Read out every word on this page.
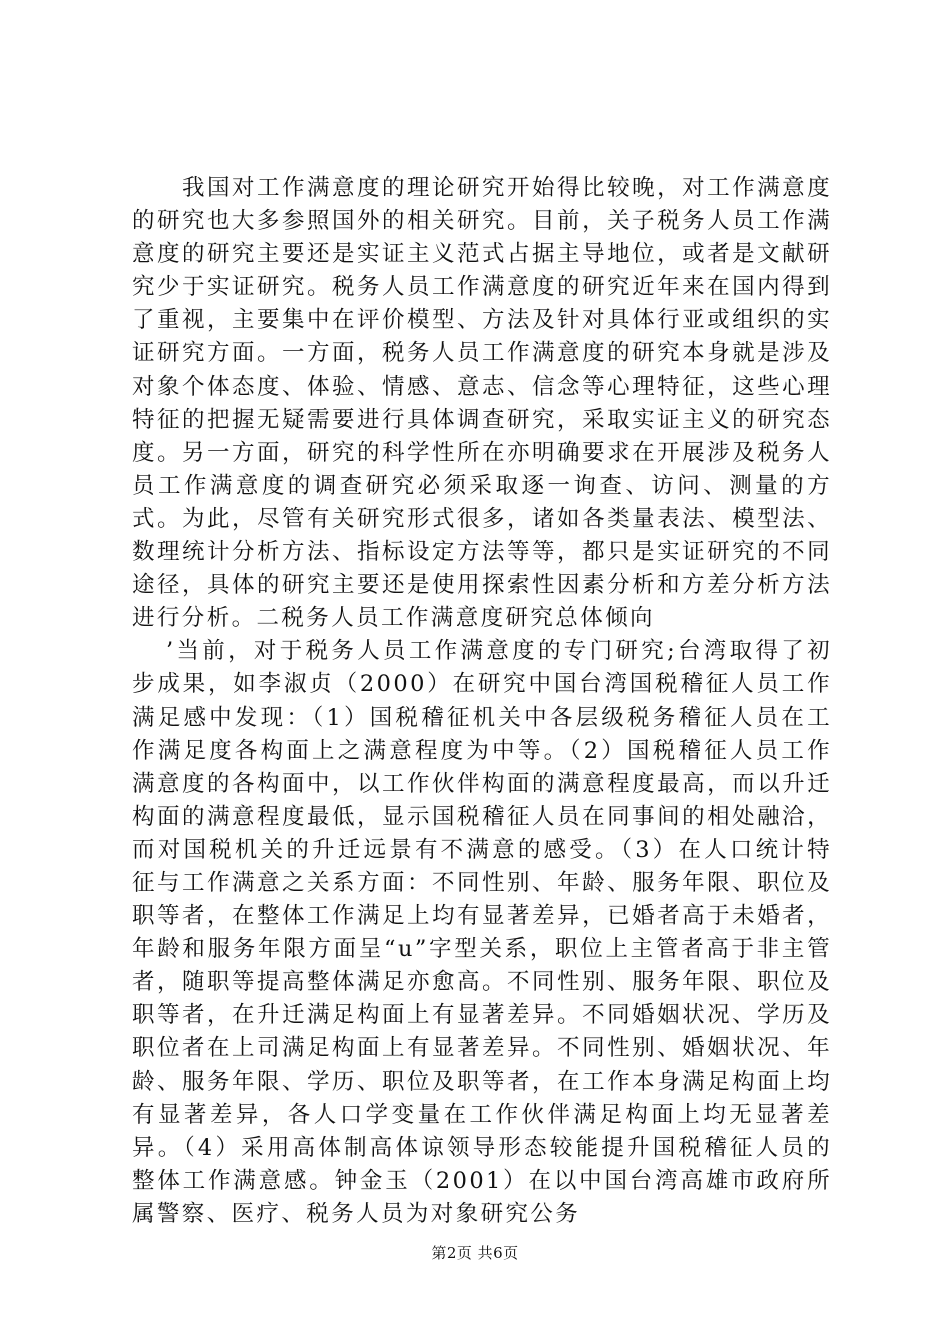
我国对工作满意度的理论研究开始得比较晚，对工作满意度的研究也大多参照国外的相关研究。目前，关子税务人员工作满意度的研究主要还是实证主义范式占据主导地位，或者是文献研究少于实证研究。税务人员工作满意度的研究近年来在国内得到了重视，主要集中在评价模型、方法及针对具体行亚或组织的实证研究方面。一方面，税务人员工作满意度的研究本身就是涉及对象个体态度、体验、情感、意志、信念等心理特征，这些心理特征的把握无疑需要进行具体调查研究，采取实证主义的研究态度。另一方面，研究的科学性所在亦明确要求在开展涉及税务人员工作满意度的调查研究必须采取逐一询查、访问、测量的方式。为此，尽管有关研究形式很多，诸如各类量表法、模型法、数理统计分析方法、指标设定方法等等，都只是实证研究的不同途径，具体的研究主要还是使用探索性因素分析和方差分析方法进行分析。二税务人员工作满意度研究总体倾向

’当前，对于税务人员工作满意度的专门研究;台湾取得了初步成果，如李淑贞（2000）在研究中国台湾国税稽征人员工作满足感中发现：（1）国税稽征机关中各层级税务稽征人员在工作满足度各构面上之满意程度为中等。（2）国税稽征人员工作满意度的各构面中，以工作伙伴构面的满意程度最高，而以升迁构面的满意程度最低，显示国税稽征人员在同事间的相处融洽，而对国税机关的升迁远景有不满意的感受。（3）在人口统计特征与工作满意之关系方面：不同性别、年龄、服务年限、职位及职等者，在整体工作满足上均有显著差异，已婚者高于未婚者，年龄和服务年限方面呈“u”字型关系，职位上主管者高于非主管者，随职等提高整体满足亦愈高。不同性别、服务年限、职位及职等者，在升迁满足构面上有显著差异。不同婚姻状况、学历及职位者在上司满足构面上有显著差异。不同性别、婚姻状况、年龄、服务年限、学历、职位及职等者，在工作本身满足构面上均有显著差异，各人口学变量在工作伙伴满足构面上均无显著差异。（4）采用高体制高体谅领导形态较能提升国税稽征人员的整体工作满意感。钟金玉（2001）在以中国台湾高雄市政府所属警察、医疗、税务人员为对象研究公务

第2页 共6页
